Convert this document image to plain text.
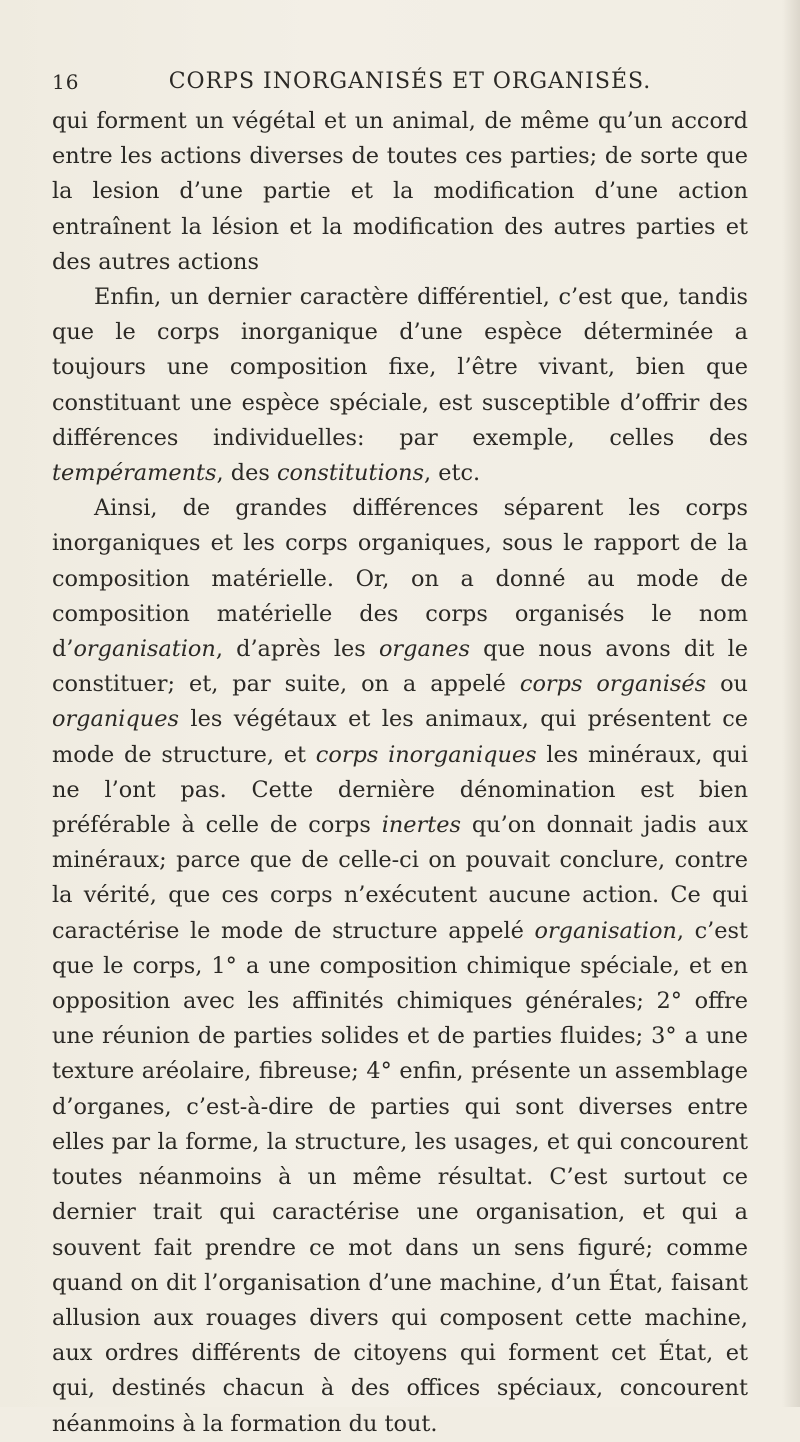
16	CORPS INORGANISÉS ET ORGANISÉS.

qui forment un végétal et un animal, de même qu’un accord entre les actions diverses de toutes ces parties; de sorte que la lesion d’une partie et la modification d’une action entraînent la lésion et la modification des autres parties et des autres actions

Enfin, un dernier caractère différentiel, c’est que, tandis que le corps inorganique d’une espèce déterminée a toujours une composition fixe, l’être vivant, bien que constituant une espèce spéciale, est susceptible d’offrir des différences individuelles: par exemple, celles des tempéraments, des constitutions, etc.

Ainsi, de grandes différences séparent les corps inorganiques et les corps organiques, sous le rapport de la composition matérielle. Or, on a donné au mode de composition matérielle des corps organisés le nom d’organisation, d’après les organes que nous avons dit le constituer; et, par suite, on a appelé corps organisés ou organiques les végétaux et les animaux, qui présentent ce mode de structure, et corps inorganiques les minéraux, qui ne l’ont pas. Cette dernière dénomination est bien préférable à celle de corps inertes qu’on donnait jadis aux minéraux; parce que de celle-ci on pouvait conclure, contre la vérité, que ces corps n’exécutent aucune action. Ce qui caractérise le mode de structure appelé organisation, c’est que le corps, 1° a une composition chimique spéciale, et en opposition avec les affinités chimiques générales; 2° offre une réunion de parties solides et de parties fluides; 3° a une texture aréolaire, fibreuse; 4° enfin, présente un assemblage d’organes, c’est-à-dire de parties qui sont diverses entre elles par la forme, la structure, les usages, et qui concourent toutes néanmoins à un même résultat. C’est surtout ce dernier trait qui caractérise une organisation, et qui a souvent fait prendre ce mot dans un sens figuré; comme quand on dit l’organisation d’une machine, d’un État, faisant allusion aux rouages divers qui composent cette machine, aux ordres différents de citoyens qui forment cet État, et qui, destinés chacun à des offices spéciaux, concourent néanmoins à la formation du tout.
